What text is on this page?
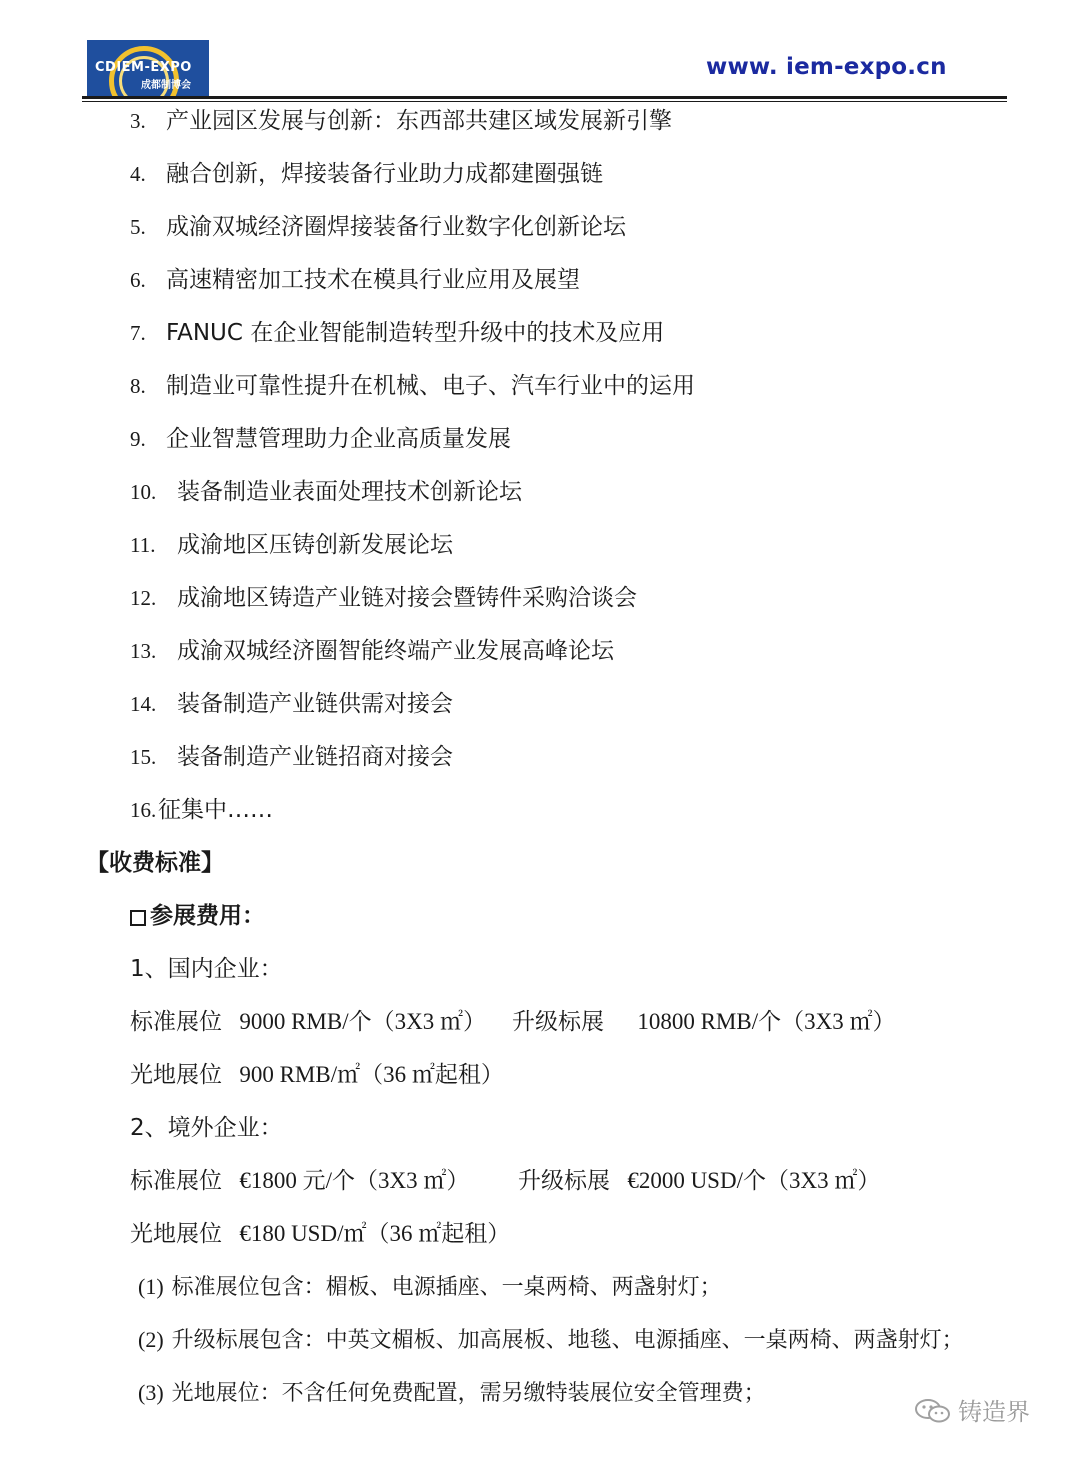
CDIEM-EXPO
成都制博会
www. iem-expo.cn
3. 产业园区发展与创新：东西部共建区域发展新引擎
4. 融合创新，焊接装备行业助力成都建圈强链
5. 成渝双城经济圈焊接装备行业数字化创新论坛
6. 高速精密加工技术在模具行业应用及展望
7. FANUC 在企业智能制造转型升级中的技术及应用
8. 制造业可靠性提升在机械、电子、汽车行业中的运用
9. 企业智慧管理助力企业高质量发展
10. 装备制造业表面处理技术创新论坛
11. 成渝地区压铸创新发展论坛
12. 成渝地区铸造产业链对接会暨铸件采购洽谈会
13. 成渝双城经济圈智能终端产业发展高峰论坛
14. 装备制造产业链供需对接会
15. 装备制造产业链招商对接会
16.征集中……
【收费标准】
参展费用：
1、国内企业：
标准展位 9000 RMB/个（3X3 ㎡） 升级标展 10800 RMB/个（3X3 ㎡）
光地展位 900 RMB/㎡（36 ㎡起租）
2、境外企业：
标准展位 €1800 元/个（3X3 ㎡） 升级标展 €2000 USD/个（3X3 ㎡）
光地展位 €180 USD/㎡（36 ㎡起租）
(1) 标准展位包含：楣板、电源插座、一桌两椅、两盏射灯；
(2) 升级标展包含：中英文楣板、加高展板、地毯、电源插座、一桌两椅、两盏射灯；
(3) 光地展位：不含任何免费配置，需另缴特装展位安全管理费；
铸造界
